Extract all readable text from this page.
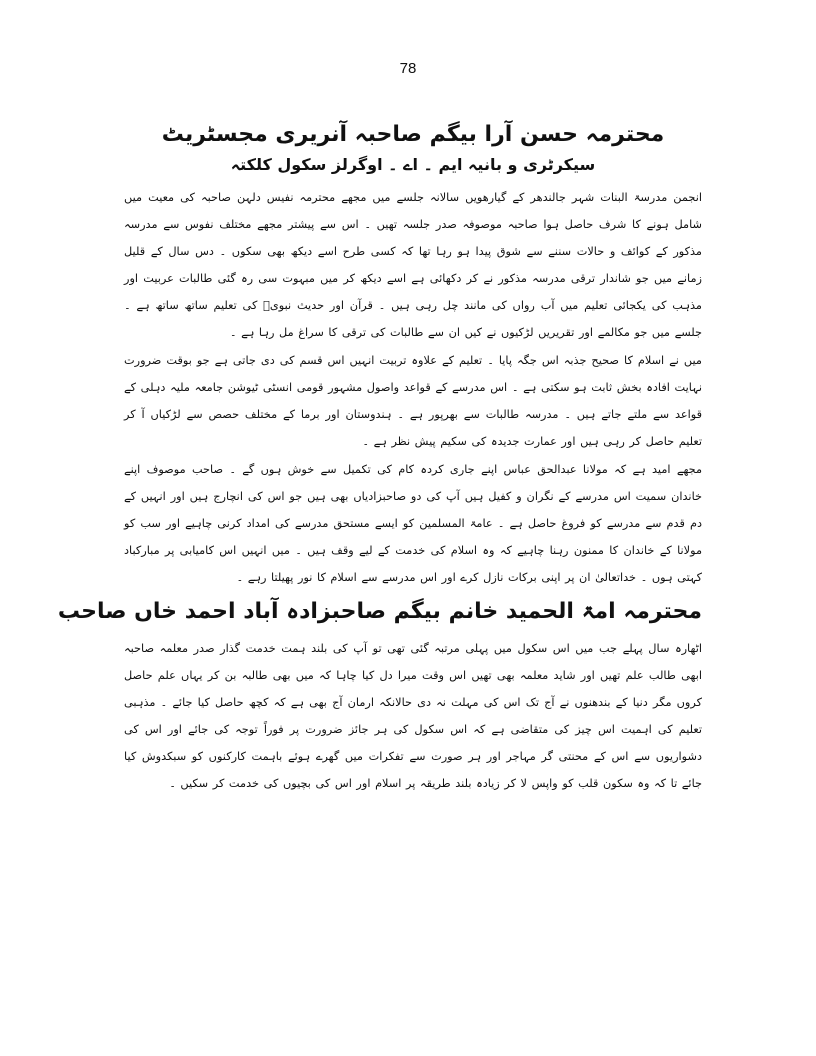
78
محترمہ حسن آرا بیگم صاحبہ آنریری مجسٹریٹ
سیکرٹری و بانیہ ایم ۔ اے ۔ اوگرلز سکول کلکتہ

انجمن مدرسۃ البنات شہر جالندھر کے گیارھویں سالانہ جلسے میں مجھے محترمہ نفیس دلہن صاحبہ کی معیت میں شامل ہونے کا شرف حاصل ہوا صاحبہ موصوفہ صدر جلسہ تھیں ۔ اس سے پیشتر مجھے مختلف نفوس سے مدرسہ مذکور کے کوائف و حالات سننے سے شوق پیدا ہو رہا تھا کہ کسی طرح اسے دیکھ بھی سکوں ۔ دس سال کے قلیل زمانے میں جو شاندار ترقی مدرسہ مذکور نے کر دکھائی ہے اسے دیکھ کر میں مبہوت سی رہ گئی طالبات عربیت اور مذہب کی یکجائی تعلیم میں آب رواں کی مانند چل رہی ہیں ۔ قرآن اور حدیث نبویؐ کی تعلیم ساتھ ساتھ ہے ۔ جلسے میں جو مکالمے اور تقریریں لڑکیوں نے کیں ان سے طالبات کی ترقی کا سراغ مل رہا ہے ۔

میں نے اسلام کا صحیح جذبہ اس جگہ پایا ۔ تعلیم کے علاوہ تربیت انہیں اس قسم کی دی جاتی ہے جو بوقت ضرورت نہایت افادہ بخش ثابت ہو سکتی ہے ۔ اس مدرسے کے قواعد واصول مشہور قومی انسٹی ٹیوشن جامعہ ملیہ دہلی کے قواعد سے ملتے جاتے ہیں ۔ مدرسہ طالبات سے بھرپور ہے ۔ ہندوستان اور برما کے مختلف حصص سے لڑکیاں آ کر تعلیم حاصل کر رہی ہیں اور عمارت جدیدہ کی سکیم پیش نظر ہے ۔

مجھے امید ہے کہ مولانا عبدالحق عباس اپنے جاری کردہ کام کی تکمیل سے خوش ہوں گے ۔ صاحب موصوف اپنے خاندان سمیت اس مدرسے کے نگران و کفیل ہیں آپ کی دو صاحبزادیاں بھی ہیں جو اس کی انچارج ہیں اور انہیں کے دم قدم سے مدرسے کو فروغ حاصل ہے ۔ عامۃ المسلمین کو ایسے مستحق مدرسے کی امداد کرنی چاہیے اور سب کو مولانا کے خاندان کا ممنون رہنا چاہیے کہ وہ اسلام کی خدمت کے لیے وقف ہیں ۔ میں انہیں اس کامیابی پر مبارکباد کہتی ہوں ۔ خداتعالیٰ ان پر اپنی برکات نازل کرے اور اس مدرسے سے اسلام کا نور پھیلتا رہے ۔

محترمہ امۃ الحمید خانم بیگم صاحبزادہ آباد احمد خاں صاحب

اٹھارہ سال پہلے جب میں اس سکول میں پہلی مرتبہ گئی تھی تو آپ کی بلند ہمت خدمت گذار صدر معلمہ صاحبہ ابھی طالب علم تھیں اور شاید معلمہ بھی تھیں اس وقت میرا دل کیا چاہا کہ میں بھی طالبہ بن کر یہاں علم حاصل کروں مگر دنیا کے بندھنوں نے آج تک اس کی مہلت نہ دی حالانکہ ارمان آج بھی ہے کہ کچھ حاصل کیا جائے ۔ مذہبی تعلیم کی اہمیت اس چیز کی متقاضی ہے کہ اس سکول کی ہر جائز ضرورت پر فوراً توجہ کی جائے اور اس کی دشواریوں سے اس کے محنتی گر مہاجر اور ہر صورت سے تفکرات میں گھرے ہوئے باہمت کارکنوں کو سبکدوش کیا جائے تا کہ وہ سکون قلب کو واپس لا کر زیادہ بلند طریقہ پر اسلام اور اس کی بچیوں کی خدمت کر سکیں ۔
